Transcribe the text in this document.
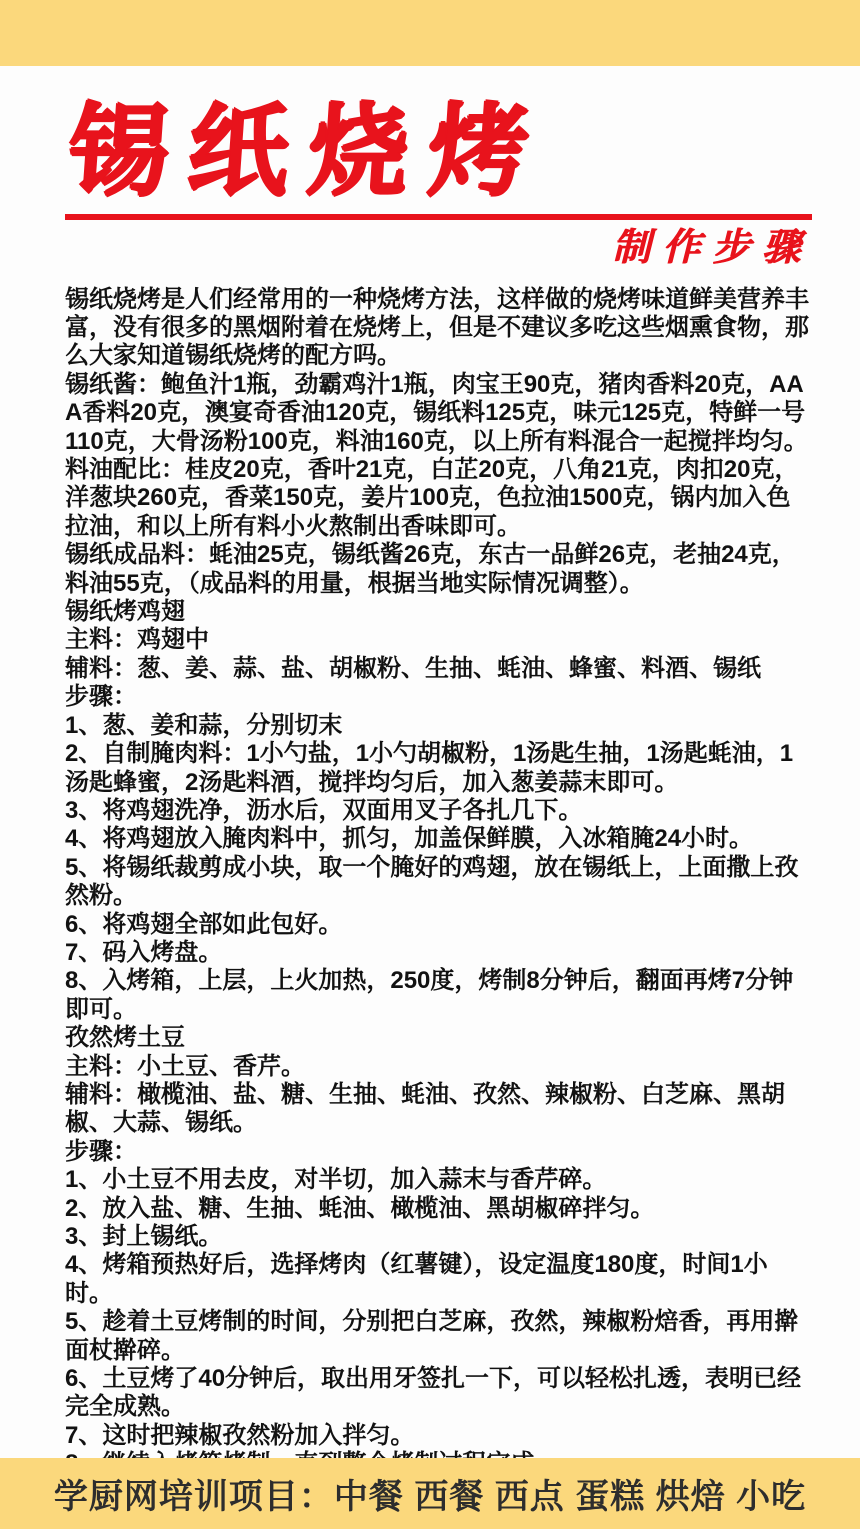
锡纸烧烤
制作步骤

锡纸烧烤是人们经常用的一种烧烤方法，这样做的烧烤味道鲜美营养丰富，没有很多的黑烟附着在烧烤上，但是不建议多吃这些烟熏食物，那么大家知道锡纸烧烤的配方吗。

锡纸酱：鲍鱼汁1瓶，劲霸鸡汁1瓶，肉宝王90克，猪肉香料20克，AAA香料20克，澳宴奇香油120克，锡纸料125克，味元125克，特鲜一号110克，大骨汤粉100克，料油160克，以上所有料混合一起搅拌均匀。

料油配比：桂皮20克，香叶21克，白芷20克，八角21克，肉扣20克，洋葱块260克，香菜150克，姜片100克，色拉油1500克，锅内加入色拉油，和以上所有料小火熬制出香味即可。

锡纸成品料：蚝油25克，锡纸酱26克，东古一品鲜26克，老抽24克，料油55克，（成品料的用量，根据当地实际情况调整）。

锡纸烤鸡翅

主料：鸡翅中

辅料：葱、姜、蒜、盐、胡椒粉、生抽、蚝油、蜂蜜、料酒、锡纸

步骤：

1、葱、姜和蒜，分别切末

2、自制腌肉料：1小勺盐，1小勺胡椒粉，1汤匙生抽，1汤匙蚝油，1汤匙蜂蜜，2汤匙料酒，搅拌均匀后，加入葱姜蒜末即可。

3、将鸡翅洗净，沥水后，双面用叉子各扎几下。

4、将鸡翅放入腌肉料中，抓匀，加盖保鲜膜，入冰箱腌24小时。

5、将锡纸裁剪成小块，取一个腌好的鸡翅，放在锡纸上，上面撒上孜然粉。

6、将鸡翅全部如此包好。

7、码入烤盘。

8、入烤箱，上层，上火加热，250度，烤制8分钟后，翻面再烤7分钟即可。

孜然烤土豆

主料：小土豆、香芹。

辅料：橄榄油、盐、糖、生抽、蚝油、孜然、辣椒粉、白芝麻、黑胡椒、大蒜、锡纸。

步骤：

1、小土豆不用去皮，对半切，加入蒜末与香芹碎。

2、放入盐、糖、生抽、蚝油、橄榄油、黑胡椒碎拌匀。

3、封上锡纸。

4、烤箱预热好后，选择烤肉（红薯键），设定温度180度，时间1小时。

5、趁着土豆烤制的时间，分别把白芝麻，孜然，辣椒粉焙香，再用擀面杖擀碎。

6、土豆烤了40分钟后，取出用牙签扎一下，可以轻松扎透，表明已经完全成熟。

7、这时把辣椒孜然粉加入拌匀。

学厨网培训项目：中餐 西餐 西点 蛋糕 烘焙 小吃
